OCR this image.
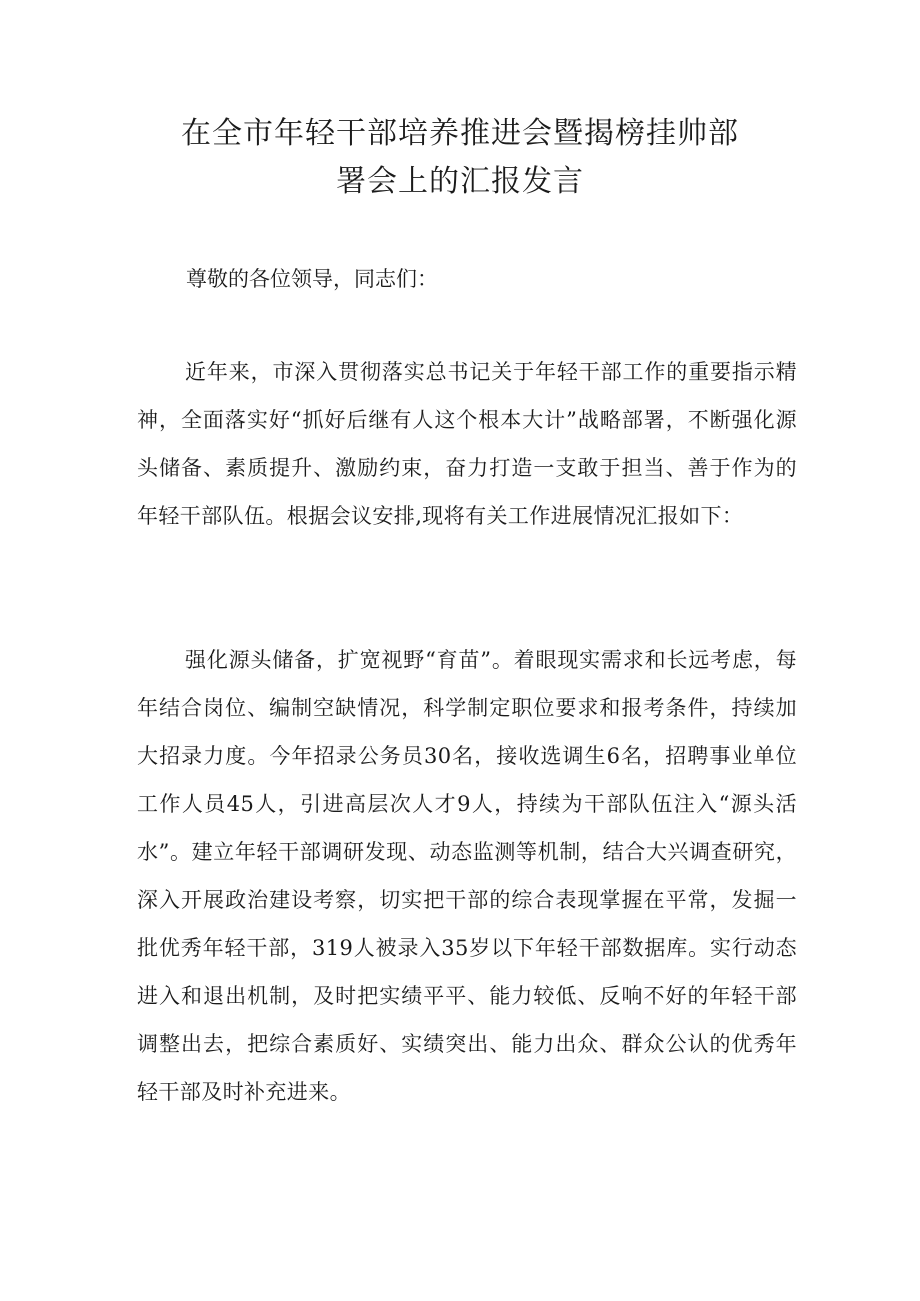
在全市年轻干部培养推进会暨揭榜挂帅部
署会上的汇报发言

尊敬的各位领导，同志们：

近年来，市深入贯彻落实总书记关于年轻干部工作的重要指示精神，全面落实好“抓好后继有人这个根本大计”战略部署，不断强化源头储备、素质提升、激励约束，奋力打造一支敢于担当、善于作为的年轻干部队伍。根据会议安排,现将有关工作进展情况汇报如下：

强化源头储备，扩宽视野“育苗”。着眼现实需求和长远考虑，每年结合岗位、编制空缺情况，科学制定职位要求和报考条件，持续加大招录力度。今年招录公务员30名，接收选调生6名，招聘事业单位工作人员45人，引进高层次人才9人，持续为干部队伍注入“源头活水”。建立年轻干部调研发现、动态监测等机制，结合大兴调查研究，深入开展政治建设考察，切实把干部的综合表现掌握在平常，发掘一批优秀年轻干部，319人被录入35岁以下年轻干部数据库。实行动态进入和退出机制，及时把实绩平平、能力较低、反响不好的年轻干部调整出去，把综合素质好、实绩突出、能力出众、群众公认的优秀年轻干部及时补充进来。
